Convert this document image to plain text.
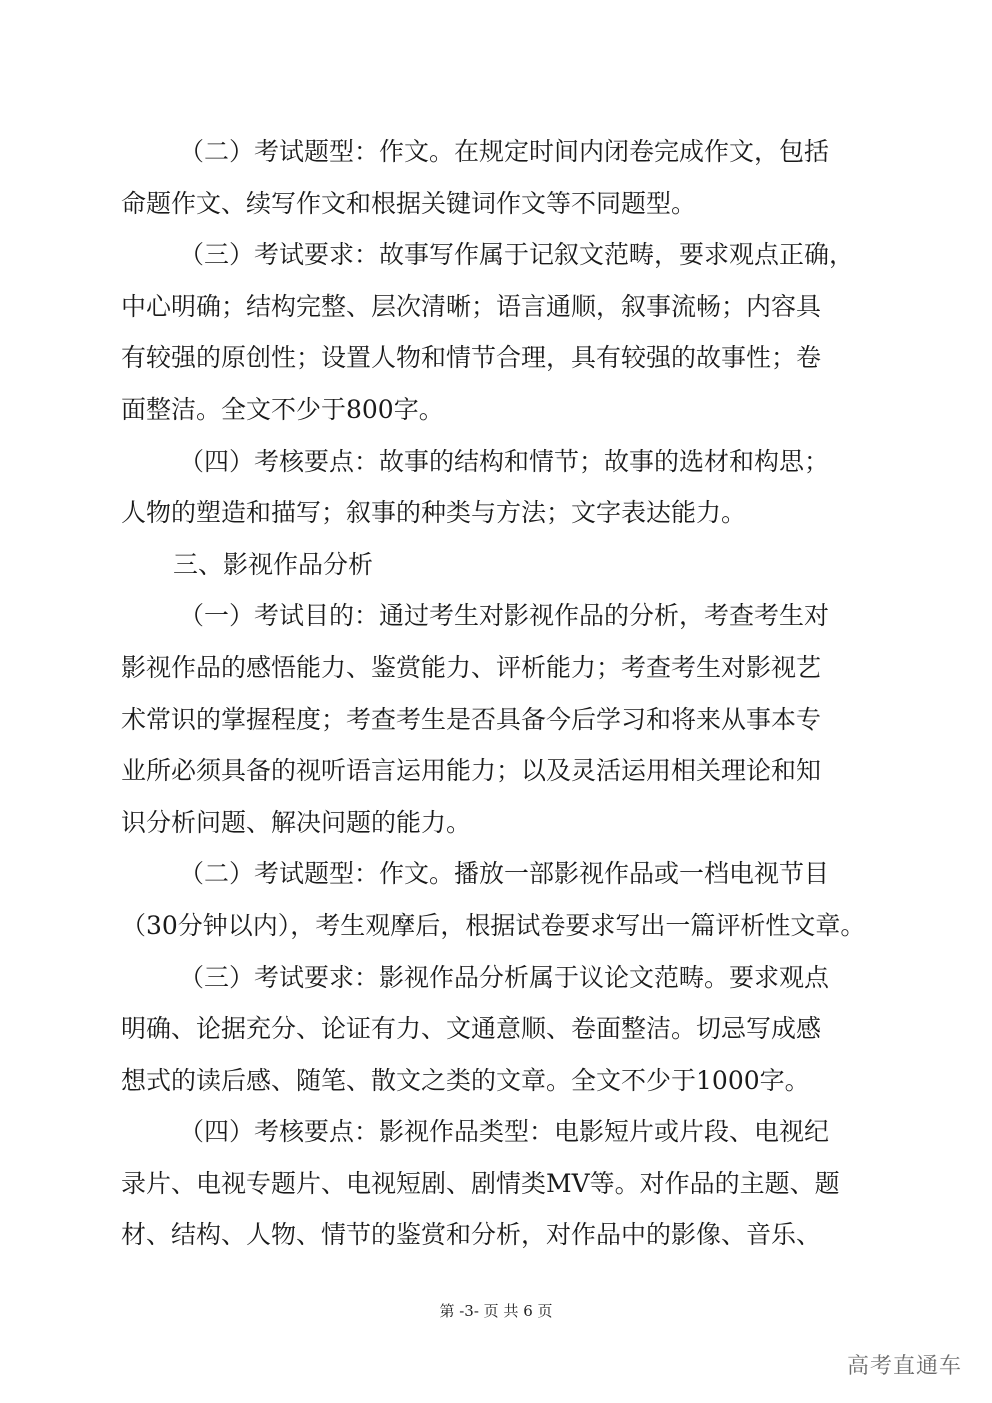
（二）考试题型：作文。在规定时间内闭卷完成作文，包括
命题作文、续写作文和根据关键词作文等不同题型。
（三）考试要求：故事写作属于记叙文范畴，要求观点正确，
中心明确；结构完整、层次清晰；语言通顺，叙事流畅；内容具
有较强的原创性；设置人物和情节合理，具有较强的故事性；卷
面整洁。全文不少于800字。
（四）考核要点：故事的结构和情节；故事的选材和构思；
人物的塑造和描写；叙事的种类与方法；文字表达能力。
三、影视作品分析
（一）考试目的：通过考生对影视作品的分析，考查考生对
影视作品的感悟能力、鉴赏能力、评析能力；考查考生对影视艺
术常识的掌握程度；考查考生是否具备今后学习和将来从事本专
业所必须具备的视听语言运用能力；以及灵活运用相关理论和知
识分析问题、解决问题的能力。
（二）考试题型：作文。播放一部影视作品或一档电视节目
（30分钟以内），考生观摩后，根据试卷要求写出一篇评析性文章。
（三）考试要求：影视作品分析属于议论文范畴。要求观点
明确、论据充分、论证有力、文通意顺、卷面整洁。切忌写成感
想式的读后感、随笔、散文之类的文章。全文不少于1000字。
（四）考核要点：影视作品类型：电影短片或片段、电视纪
录片、电视专题片、电视短剧、剧情类MV等。对作品的主题、题
材、结构、人物、情节的鉴赏和分析，对作品中的影像、音乐、
第 -3- 页 共 6 页
高考直通车
